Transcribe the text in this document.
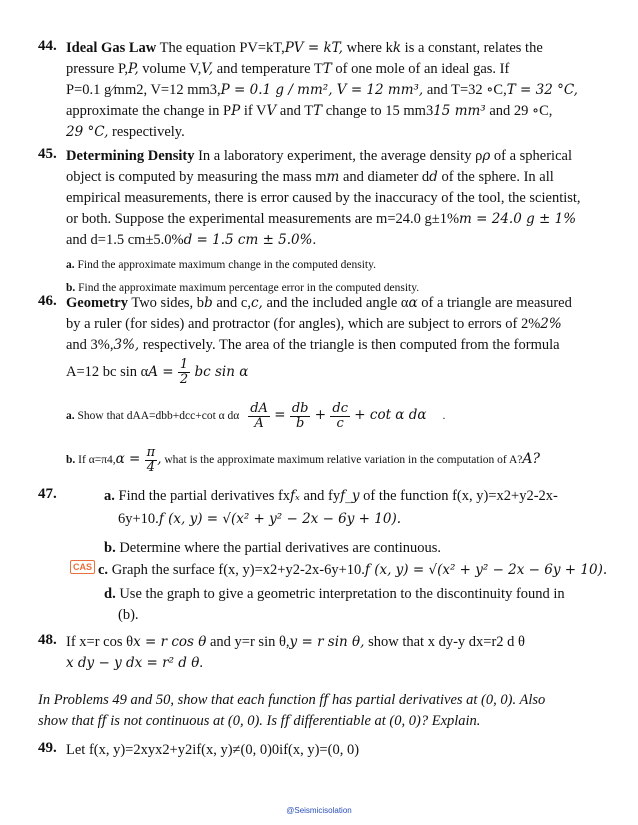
44. Ideal Gas Law The equation PV=kT,PV = kT, where kk is a constant, relates the
pressure P,P, volume V,V, and temperature TT of one mole of an ideal gas. If
P=0.1 g⁄mm2, V=12 mm3,P = 0.1 g / mm², V = 12 mm³, and T=32 ∘C,T = 32 °C,
approximate the change in PP if VV and TT change to 15 mm315 mm³ and 29 ∘C,
29 °C, respectively.
45. Determining Density In a laboratory experiment, the average density ρρ of a spherical
object is computed by measuring the mass mm and diameter dd of the sphere. In all
empirical measurements, there is error caused by the inaccuracy of the tool, the scientist,
or both. Suppose the experimental measurements are m=24.0 g±1%m = 24.0 g ± 1%
and d=1.5 cm±5.0%d = 1.5 cm ± 5.0%.
a. Find the approximate maximum change in the computed density.
b. Find the approximate maximum percentage error in the computed density.
46. Geometry Two sides, bb and c,c, and the included angle αα of a triangle are measured
by a ruler (for sides) and protractor (for angles), which are subject to errors of 2%2%
and 3%,3%, respectively. The area of the triangle is then computed from the formula
A=12 bc $\sin \alpha A = \frac{1}{2}$ bc sin α
a. Show that dAA=dbb+dcc+cot α dα $\frac{dA}{A} = \frac{db}{b} + \frac{dc}{c} + \cot \alpha$ dα .
b. If $\alpha=\pi 4,\alpha = \frac{\pi}{4}$ , what is the approximate maximum relative variation in the computation of A?A?
47.	a. Find the partial derivatives fxfₓ and fyf_y of the function f(x, y)=x2+y2-2x-
6y+10.f (x, y) = √(x² + y² − 2x − 6y + 10).
b. Determine where the partial derivatives are continuous.
CAS c. Graph the surface f(x, y)=x2+y2-2x-6y+10.f (x, y) = √(x² + y² − 2x − 6y + 10).
d. Use the graph to give a geometric interpretation to the discontinuity found in
(b).
48. If x=r cos θx = r cos θ and y=r sin θ,y = r sin θ, show that x dy-y dx=r2 d θ
x dy − y dx = r² d θ.
In Problems 49 and 50, show that each function ff has partial derivatives at (0, 0). Also
show that ff is not continuous at (0, 0). Is ff differentiable at (0, 0)? Explain.
49. Let f(x, y)=2xyx2+y2if(x, y)≠(0, 0)0if(x, y)=(0, 0)
@Seismicisolation
